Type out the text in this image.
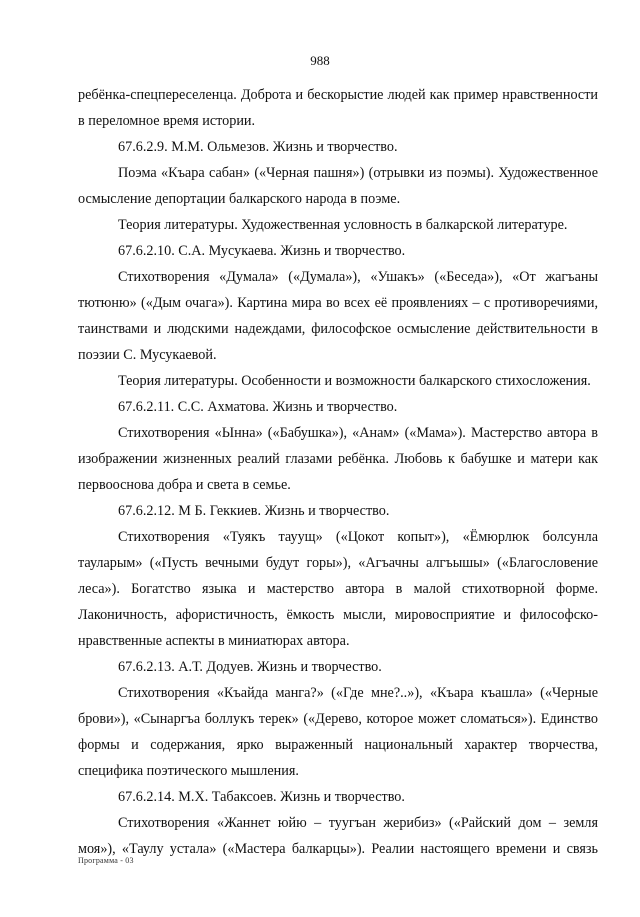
988

ребёнка-спецпереселенца. Доброта и бескорыстие людей как пример нравственности в переломное время истории.

67.6.2.9. М.М. Ольмезов. Жизнь и творчество.

Поэма «Къара сабан» («Черная пашня») (отрывки из поэмы). Художественное осмысление депортации балкарского народа в поэме.

Теория литературы. Художественная условность в балкарской литературе.

67.6.2.10. С.А. Мусукаева. Жизнь и творчество.

Стихотворения «Думала» («Думала»), «Ушакъ» («Беседа»), «От жагъаны тютюню» («Дым очага»). Картина мира во всех её проявлениях – с противоречиями, таинствами и людскими надеждами, философское осмысление действительности в поэзии С. Мусукаевой.

Теория литературы. Особенности и возможности балкарского стихосложения.

67.6.2.11. С.С. Ахматова. Жизнь и творчество.

Стихотворения «Ынна» («Бабушка»), «Анам» («Мама»). Мастерство автора в изображении жизненных реалий глазами ребёнка. Любовь к бабушке и матери как первооснова добра и света в семье.

67.6.2.12. М Б. Геккиев. Жизнь и творчество.

Стихотворения «Туякъ тауущ» («Цокот копыт»), «Ёмюрлюк болсунла тауларым» («Пусть вечными будут горы»), «Агъачны алгъышы» («Благословение леса»). Богатство языка и мастерство автора в малой стихотворной форме. Лаконичность, афористичность, ёмкость мысли, мировосприятие и философско-нравственные аспекты в миниатюрах автора.

67.6.2.13. А.Т. Додуев. Жизнь и творчество.

Стихотворения «Къайда манга?» («Где мне?..»), «Къара къашла» («Черные брови»), «Сынаргъа боллукъ терек» («Дерево, которое может сломаться»). Единство формы и содержания, ярко выраженный национальный характер творчества, специфика поэтического мышления.

67.6.2.14. М.Х. Табаксоев. Жизнь и творчество.

Стихотворения «Жаннет юйю – туугъан жерибиз» («Райский дом – земля моя»), «Таулу устала» («Мастера балкарцы»). Реалии настоящего времени и связь

Программа - 03
